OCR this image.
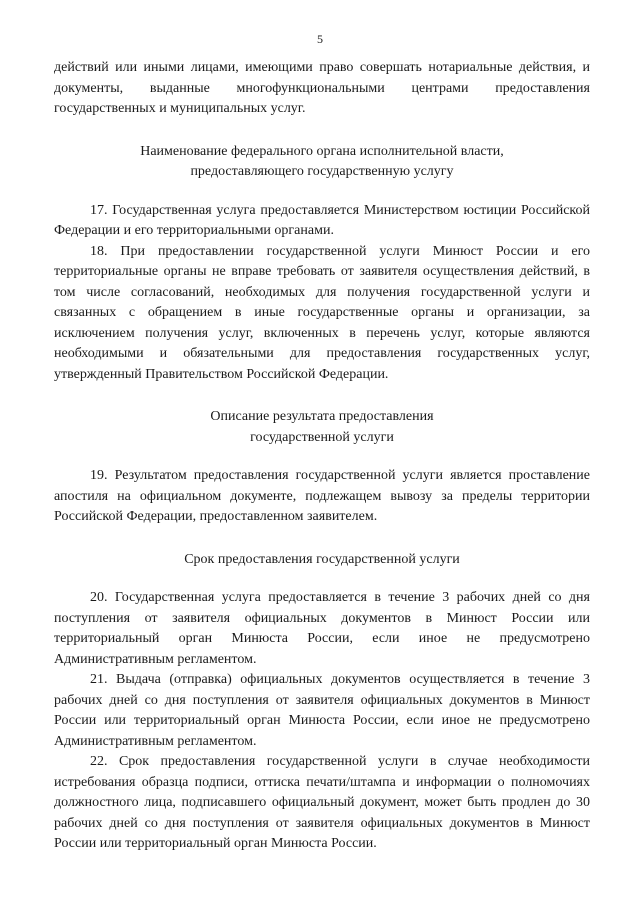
5

действий или иными лицами, имеющими право совершать нотариальные действия, и документы, выданные многофункциональными центрами предоставления государственных и муниципальных услуг.

Наименование федерального органа исполнительной власти,

предоставляющего государственную услугу

17. Государственная услуга предоставляется Министерством юстиции Российской Федерации и его территориальными органами.

18. При предоставлении государственной услуги Минюст России и его территориальные органы не вправе требовать от заявителя осуществления действий, в том числе согласований, необходимых для получения государственной услуги и связанных с обращением в иные государственные органы и организации, за исключением получения услуг, включенных в перечень услуг, которые являются необходимыми и обязательными для предоставления государственных услуг, утвержденный Правительством Российской Федерации.

Описание результата предоставления

государственной услуги

19. Результатом предоставления государственной услуги является проставление апостиля на официальном документе, подлежащем вывозу за пределы территории Российской Федерации, предоставленном заявителем.

Срок предоставления государственной услуги

20. Государственная услуга предоставляется в течение 3 рабочих дней со дня поступления от заявителя официальных документов в Минюст России или территориальный орган Минюста России, если иное не предусмотрено Административным регламентом.

21. Выдача (отправка) официальных документов осуществляется в течение 3 рабочих дней со дня поступления от заявителя официальных документов в Минюст России или территориальный орган Минюста России, если иное не предусмотрено Административным регламентом.

22. Срок предоставления государственной услуги в случае необходимости истребования образца подписи, оттиска печати/штампа и информации о полномочиях должностного лица, подписавшего официальный документ, может быть продлен до 30 рабочих дней со дня поступления от заявителя официальных документов в Минюст России или территориальный орган Минюста России.
